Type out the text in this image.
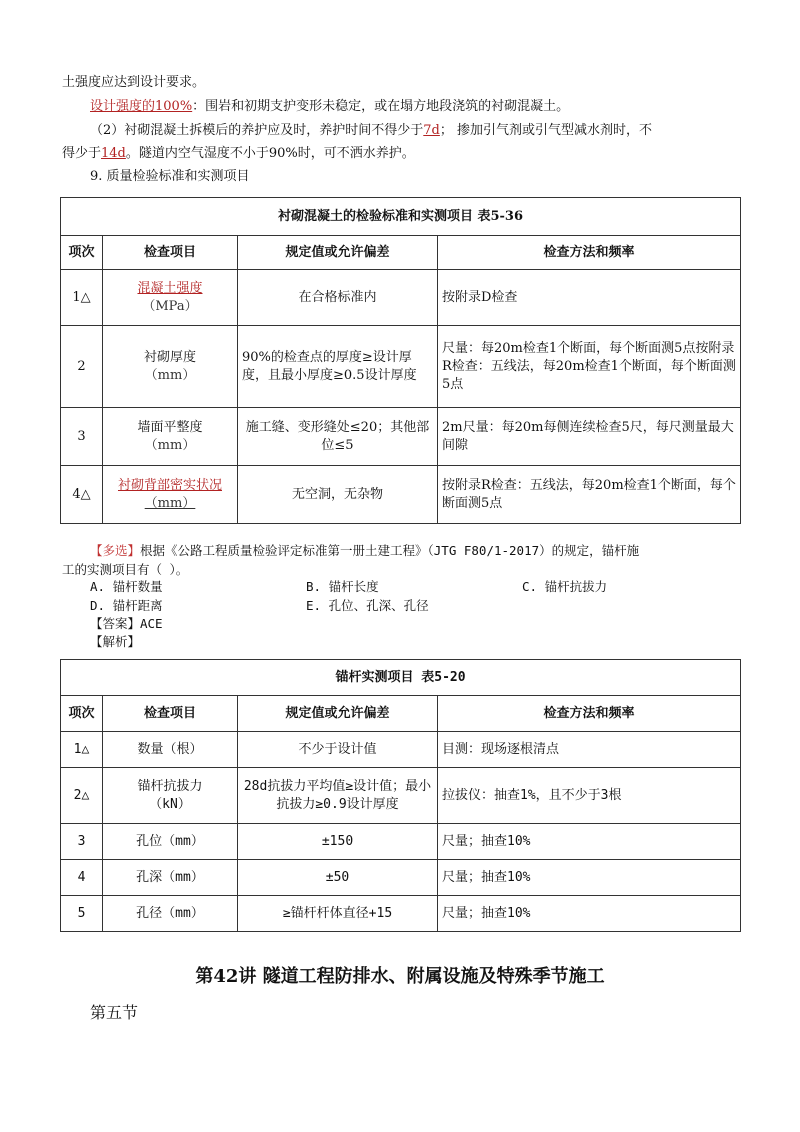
土强度应达到设计要求。
设计强度的100%：围岩和初期支护变形未稳定，或在塌方地段浇筑的衬砌混凝土。
（2）衬砌混凝土拆模后的养护应及时，养护时间不得少于7d； 掺加引气剂或引气型减水剂时，不
得少于14d。隧道内空气湿度不小于90%时，可不洒水养护。
9. 质量检验标准和实测项目
衬砌混凝土的检验标准和实测项目 表5-36			
项次	检查项目	规定值或允许偏差	检查方法和频率
1△	混凝土强度
（MPa）	在合格标准内	按附录D检查
2	衬砌厚度
（mm）	90%的检查点的厚度≥设计厚度，且最小厚度≥0.5设计厚度	尺量：每20m检查1个断面，每个断面测5点按附录R检查：五线法，每20m检查1个断面，每个断面测5点
3	墙面平整度
（mm）	施工缝、变形缝处≤20；其他部位≤5	2m尺量：每20m每侧连续检查5尺，每尺测量最大间隙
4△	衬砌背部密实状况
（mm）	无空洞，无杂物	按附录R检查：五线法，每20m检查1个断面，每个断面测5点
【多选】根据《公路工程质量检验评定标准第一册土建工程》（JTG F80/1-2017）的规定，锚杆施
工的实测项目有（ ）。
A. 锚杆数量	B. 锚杆长度	C. 锚杆抗拔力
D. 锚杆距离	E. 孔位、孔深、孔径
【答案】ACE
【解析】
锚杆实测项目 表5-20			
项次	检查项目	规定值或允许偏差	检查方法和频率
1△	数量（根）	不少于设计值	目测：现场逐根清点
2△	锚杆抗拔力
（kN）	28d抗拔力平均值≥设计值；最小抗拔力≥0.9设计厚度	拉拔仪：抽查1%，且不少于3根
3	孔位（mm）	±150	尺量；抽查10%
4	孔深（mm）	±50	尺量；抽查10%
5	孔径（mm）	≥锚杆杆体直径+15	尺量；抽查10%
第42讲 隧道工程防排水、附属设施及特殊季节施工
第五节
